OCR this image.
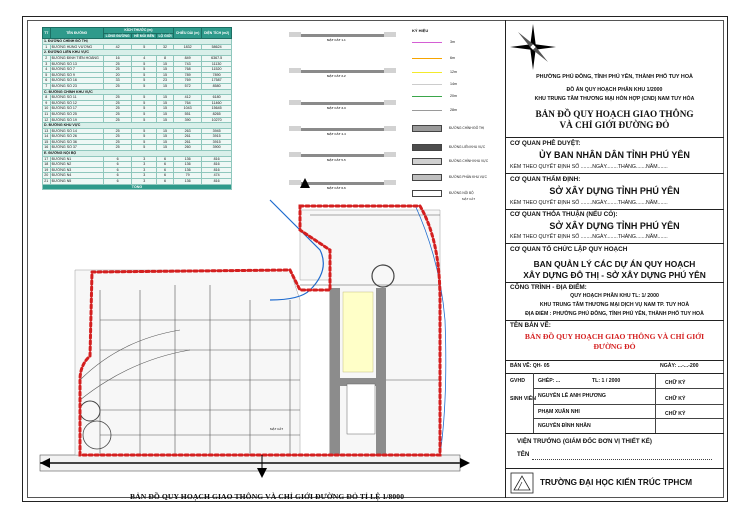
TT	TÊN ĐƯỜNG	KÍCH THƯỚC (m)			CHIỀU DÀI (m)	DIỆN TÍCH (m2)
		LÒNG ĐƯỜNG	HÈ MỖI BÊN	LỘ GIỚI		
1. ĐƯỜNG CHÍNH ĐÔ THỊ						
1	ĐƯỜNG HÙNG VƯƠNG	42	5	32	1832	58624
2. ĐƯỜNG LIÊN KHU VỰC						
2	ĐƯỜNG ĐINH TIÊN HOÀNG	16	4	8	849	6367.5
3	ĐƯỜNG SỐ 13	25	5	15	743	11130
4	ĐƯỜNG SỐ 7	25	5	15	768	11520
5	ĐƯỜNG SỐ 9	20	5	15	789	7890
6	ĐƯỜNG SỐ 16	33	5	23	769	17587
7	ĐƯỜNG SỐ 23	25	5	15	572	8580
C. ĐƯỜNG CHÍNH KHU VỰC						
8	ĐƯỜNG SỐ 11	25	5	15	412	6180
9	ĐƯỜNG SỐ 12	25	5	15	764	11460
10	ĐƯỜNG SỐ 17	25	5	15	1043	15645
11	ĐƯỜNG SỐ 25	25	5	15	551	8265
12	ĐƯỜNG SỐ 19	25	5	15	390	10270
D. ĐƯỜNG KHU VỰC						
13	ĐƯỜNG SỐ 14	25	5	15	263	3945
14	ĐƯỜNG SỐ 26	25	5	15	261	3915
15	ĐƯỜNG SỐ 36	25	5	15	261	3915
16	ĐƯỜNG SỐ 37	25	5	15	260	3900
E. ĐƯỜNG NỘI BỘ						
17	ĐƯỜNG N1	6	3	6	136	816
18	ĐƯỜNG N2	6	3	6	136	816
19	ĐƯỜNG N3	6	3	6	136	816
20	ĐƯỜNG N4	6	3	6	79	474
21	ĐƯỜNG N5	6	3	6	136	816
TỔNG						
MẶT CẮT 1-1
MẶT CẮT 2-2
MẶT CẮT 3-3
MẶT CẮT 4-4
MẶT CẮT 5-5
MẶT CẮT 6-6
MẶT CẮT
KÝ HIỆU
3m
6m
12m
14m
20m
28m
ĐƯỜNG CHÍNH ĐÔ THỊ
ĐƯỜNG LIÊN KHU VỰC
ĐƯỜNG CHÍNH KHU VỰC
ĐƯỜNG PHÂN KHU VỰC
ĐƯỜNG NỘI BỘ
MẶT CẮT
BẢN ĐỒ QUY HOẠCH GIAO THÔNG VÀ CHỈ GIỚI ĐƯỜNG ĐỎ TỈ LỆ 1/8000
PHƯỜNG PHÚ ĐÔNG, TỈNH PHÚ YÊN, THÀNH PHỐ TUY HOÀ
ĐỒ ÁN QUY HOẠCH PHÂN KHU 1/2000
KHU TRUNG TÂM THƯƠNG MẠI HÒN HỢP (CND) NAM TUY HÒA
BẢN ĐỒ QUY HOẠCH GIAO THÔNG
VÀ CHỈ GIỚI ĐƯỜNG ĐỎ
CƠ QUAN PHÊ DUYỆT:
ỦY BAN NHÂN DÂN TỈNH PHÚ YÊN
KÈM THEO QUYẾT ĐỊNH SỐ ........NGÀY........THÁNG.......NĂM.......
CƠ QUAN THẨM ĐỊNH:
SỞ XÂY DỰNG TỈNH PHÚ YÊN
KÈM THEO QUYẾT ĐỊNH SỐ ........NGÀY........THÁNG.......NĂM.......
CƠ QUAN THỎA THUẬN (NẾU CÓ):
SỞ XÂY DỰNG TỈNH PHÚ YÊN
KÈM THEO QUYẾT ĐỊNH SỐ ........NGÀY........THÁNG.......NĂM.......
CƠ QUAN TỔ CHỨC LẬP QUY HOẠCH
BAN QUẢN LÝ CÁC DỰ ÁN QUY HOẠCH
XÂY DỰNG ĐÔ THỊ - SỞ XÂY DỰNG PHÚ YÊN
CÔNG TRÌNH - ĐỊA ĐIỂM:
QUY HOẠCH PHÂN KHU TL: 1/ 2000
KHU TRUNG TÂM THƯƠNG MẠI DỊCH VỤ NAM TP. TUY HOÀ
ĐỊA ĐIỂM : PHƯỜNG PHÚ ĐÔNG, TỈNH PHÚ YÊN, THÀNH PHỐ TUY HOÀ
TÊN BẢN VẼ:
BẢN ĐỒ QUY HOẠCH GIAO THÔNG VÀ CHỈ GIỚI
ĐƯỜNG ĐỎ
BẢN VẼ: QH- 05	NGÀY: ...-...-200
GVHD	GHÉP: ...	TL: 1 / 2000	CHỮ KÝ
SINH VIÊN NGUYỄN LÊ ANH PHƯƠNG	CHỮ KÝ
PHẠM XUÂN NHI	CHỮ KÝ
NGUYỄN ĐÌNH NHÂN
VIỆN TRƯỞNG (GIÁM ĐỐC ĐƠN VỊ THIẾT KẾ)
TÊN
TRƯỜNG ĐẠI HỌC KIẾN TRÚC TPHCM
